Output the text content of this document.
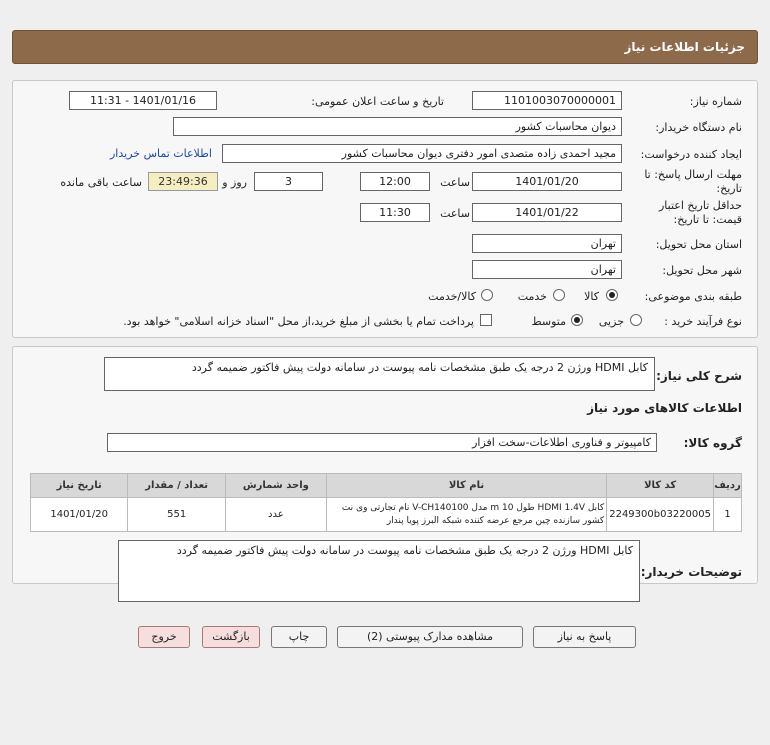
جزئیات اطلاعات نیاز
شماره نیاز:
1101003070000001
تاریخ و ساعت اعلان عمومی:
1401/01/16 - 11:31
نام دستگاه خریدار:
دیوان محاسبات کشور
ایجاد کننده درخواست:
مجید احمدی زاده متصدی امور دفتری دیوان محاسبات کشور
اطلاعات تماس خریدار
مهلت ارسال پاسخ: تا
تاریخ:
1401/01/20
ساعت
12:00
3
روز و
23:49:36
ساعت باقی مانده
حداقل تاریخ اعتبار
قیمت: تا تاریخ:
1401/01/22
ساعت
11:30
استان محل تحویل:
تهران
شهر محل تحویل:
تهران
طبقه بندی موضوعی:
کالا
خدمت
کالا/خدمت
نوع فرآیند خرید :
جزیی
متوسط
پرداخت تمام یا بخشی از مبلغ خرید،از محل "اسناد خزانه اسلامی" خواهد بود.
شرح کلی نیاز:
کابل HDMI ورژن 2 درجه یک طبق مشخصات نامه پیوست در سامانه دولت پیش فاکتور ضمیمه گردد
اطلاعات کالاهای مورد نیاز
گروه کالا:
کامپیوتر و فناوری اطلاعات-سخت افزار
ردیف	کد کالا	نام کالا	واحد شمارش	تعداد / مقدار	تاریخ نیاز
1	2249300b03220005	کابل HDMI 1.4V طول 10 m مدل V-CH140100 نام تجارتی وی نت کشور سازنده چین مرجع عرضه کننده شبکه البرز پویا پندار	عدد	551	1401/01/20
توضیحات خریدار:
کابل HDMI ورژن 2 درجه یک طبق مشخصات نامه پیوست در سامانه دولت پیش فاکتور ضمیمه گردد
پاسخ به نیاز
مشاهده مدارک پیوستی (2)
چاپ
بازگشت
خروج
